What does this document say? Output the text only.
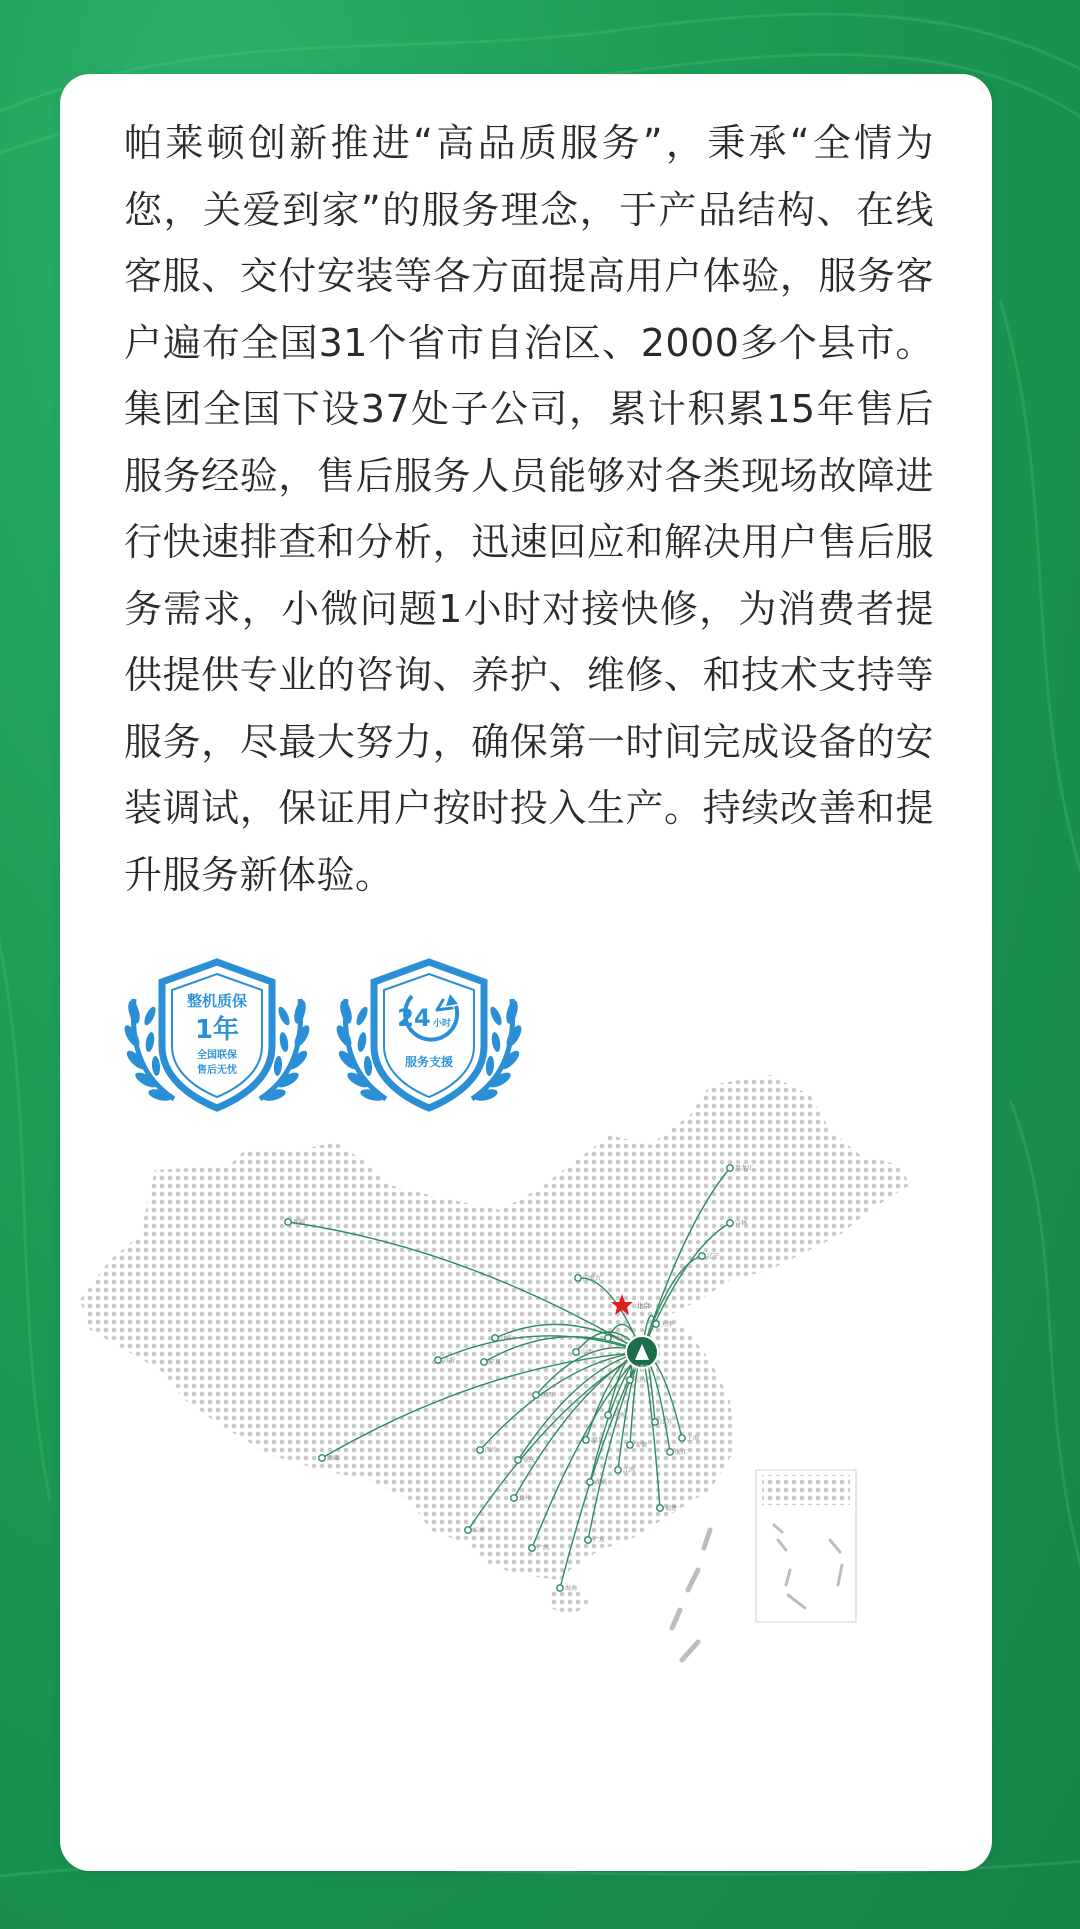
帕莱顿创新推进“高品质服务”，秉承“全情为您，关爱到家”的服务理念，于产品结构、在线客服、交付安装等各方面提高用户体验，服务客户遍布全国31个省市自治区、2000多个县市。集团全国下设37处子公司，累计积累15年售后服务经验，售后服务人员能够对各类现场故障进行快速排查和分析，迅速回应和解决用户售后服务需求，小微问题1小时对接快修，为消费者提供提供专业的咨询、养护、维修、和技术支持等服务，尽最大努力，确保第一时间完成设备的安装调试，保证用户按时投入生产。持续改善和提升服务新体验。

整机质保
1年
全国联保
售后无忧
24 小时
服务支援
黑龙江
吉林
辽宁
天津
河北
内蒙古
宁夏
青海
甘肃
山西
陕西
山东
河南
新疆
西藏
四川
重庆
湖北
安徽
江苏
上海
浙江
湖南
江西
福建
贵州
云南
广西
广东
海南
北京
帕莱顿
